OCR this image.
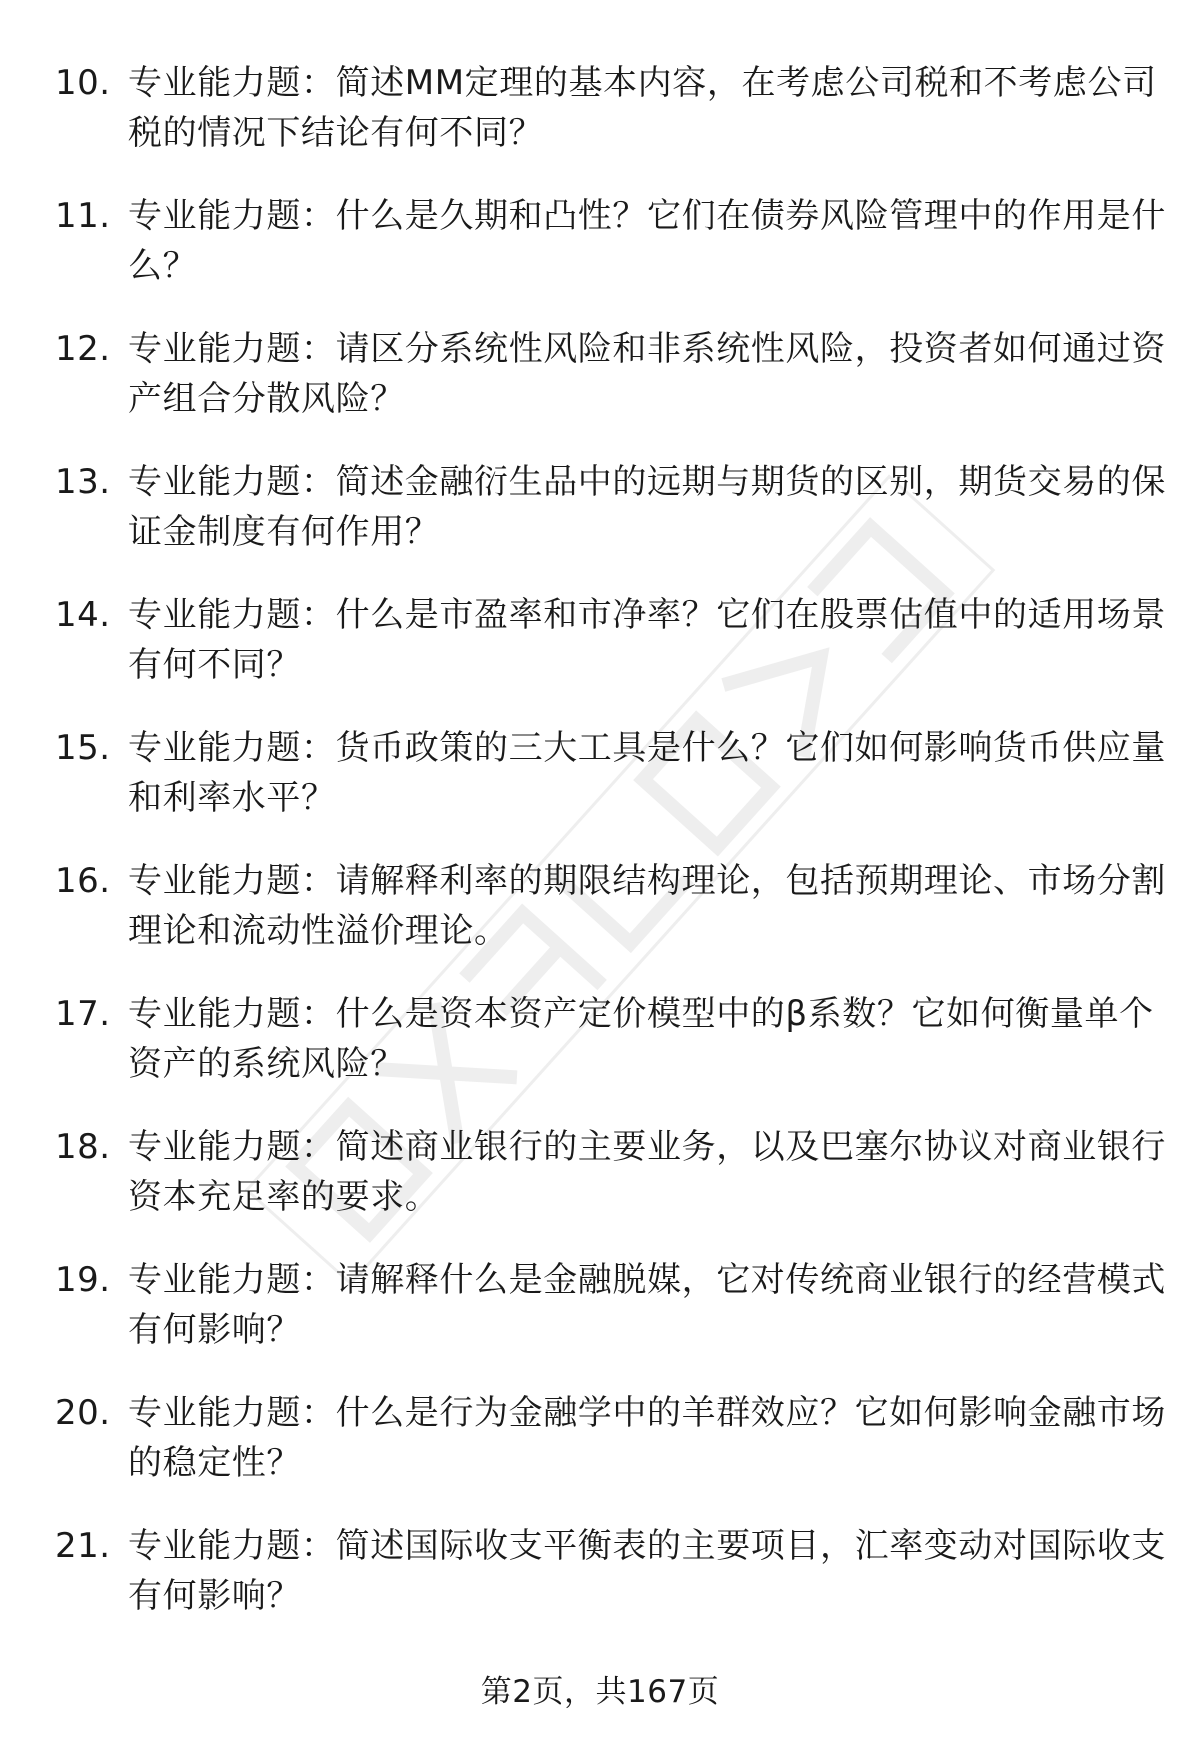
10. 专业能力题：简述MM定理的基本内容，在考虑公司税和不考虑公司税的情况下结论有何不同？
11. 专业能力题：什么是久期和凸性？它们在债券风险管理中的作用是什么？
12. 专业能力题：请区分系统性风险和非系统性风险，投资者如何通过资产组合分散风险？
13. 专业能力题：简述金融衍生品中的远期与期货的区别，期货交易的保证金制度有何作用？
14. 专业能力题：什么是市盈率和市净率？它们在股票估值中的适用场景有何不同？
15. 专业能力题：货币政策的三大工具是什么？它们如何影响货币供应量和利率水平？
16. 专业能力题：请解释利率的期限结构理论，包括预期理论、市场分割理论和流动性溢价理论。
17. 专业能力题：什么是资本资产定价模型中的β系数？它如何衡量单个资产的系统风险？
18. 专业能力题：简述商业银行的主要业务，以及巴塞尔协议对商业银行资本充足率的要求。
19. 专业能力题：请解释什么是金融脱媒，它对传统商业银行的经营模式有何影响？
20. 专业能力题：什么是行为金融学中的羊群效应？它如何影响金融市场的稳定性？
21. 专业能力题：简述国际收支平衡表的主要项目，汇率变动对国际收支有何影响？
第2页，共167页
